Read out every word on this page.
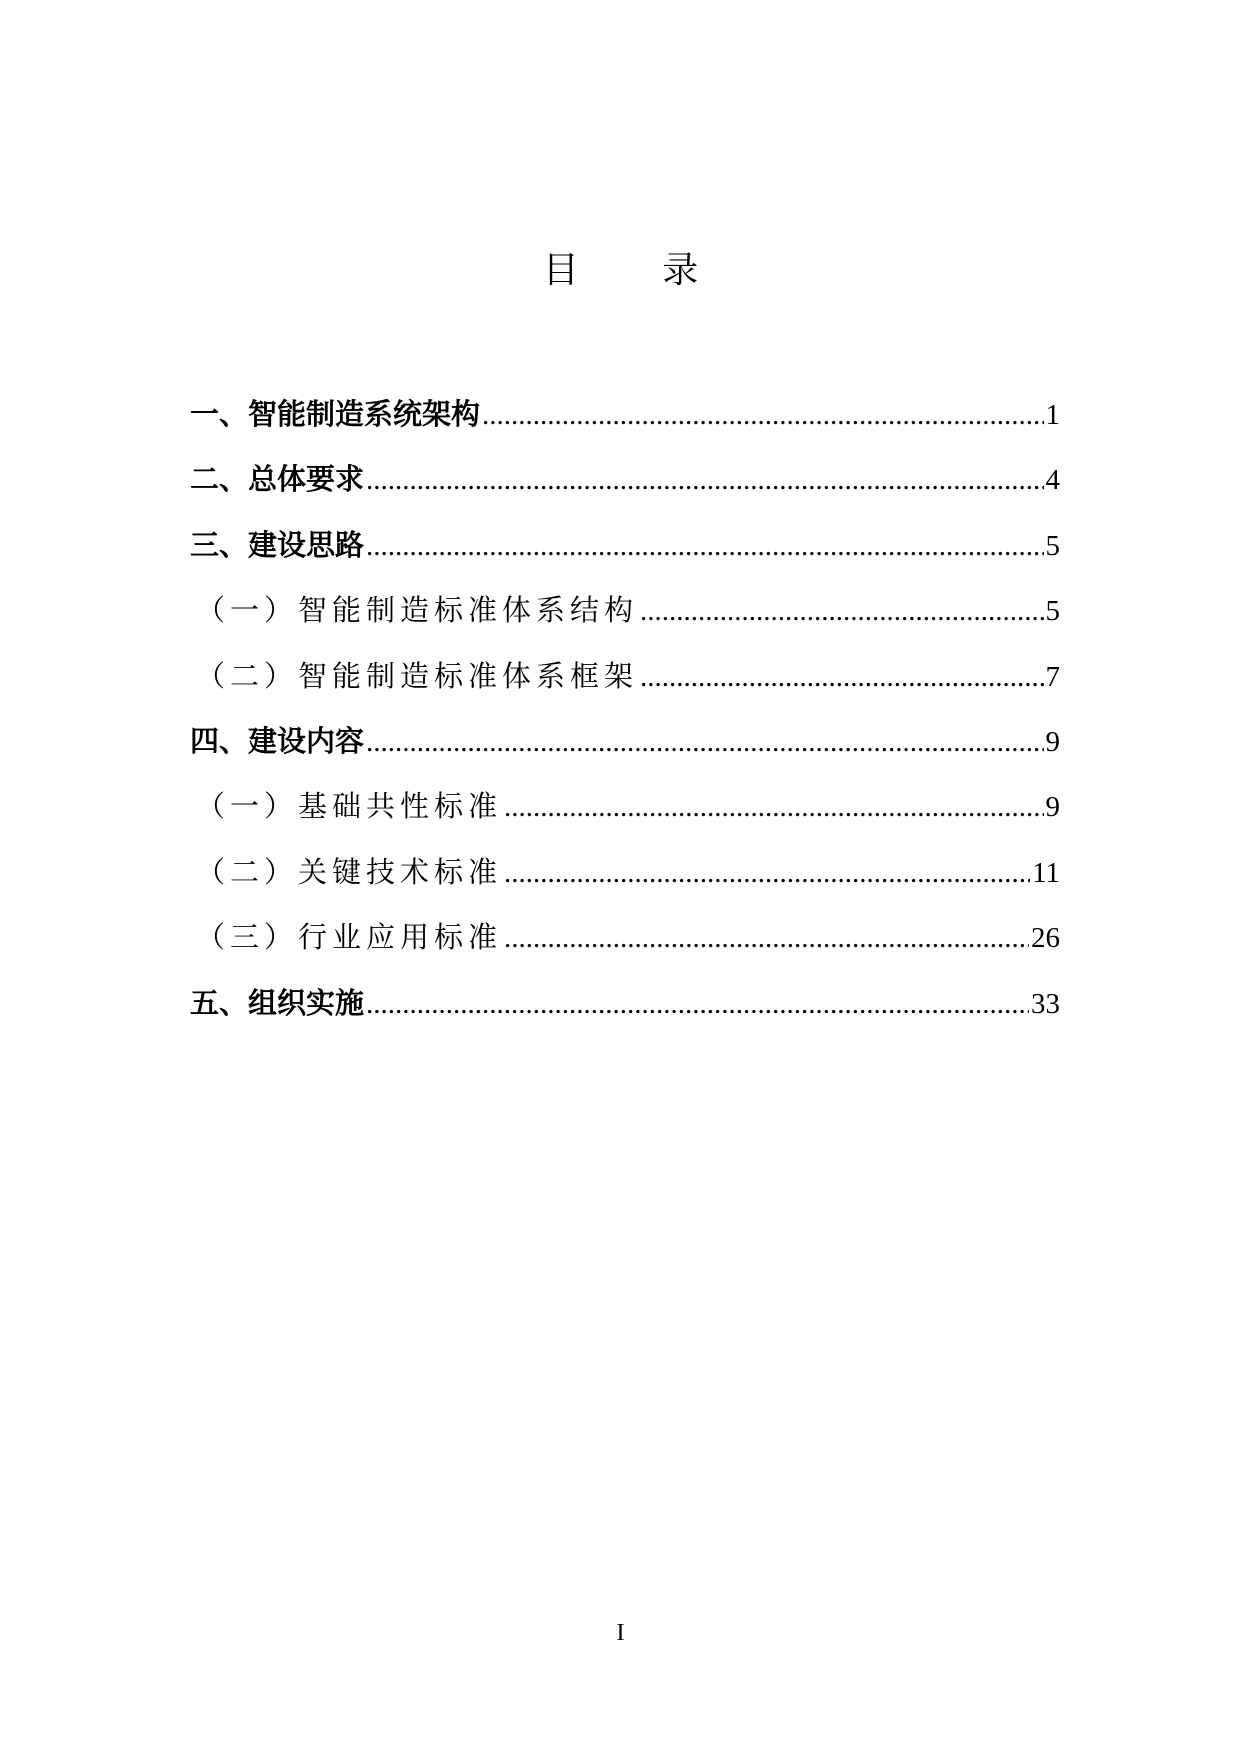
目 录
一、智能制造系统架构 .....	1
二、总体要求 .....	4
三、建设思路 .....	5
（一）智能制造标准体系结构 .....	5
（二）智能制造标准体系框架 .....	7
四、建设内容 .....	9
（一）基础共性标准 .....	9
（二）关键技术标准 .....	11
（三）行业应用标准 .....	26
五、组织实施 .....	33
I
